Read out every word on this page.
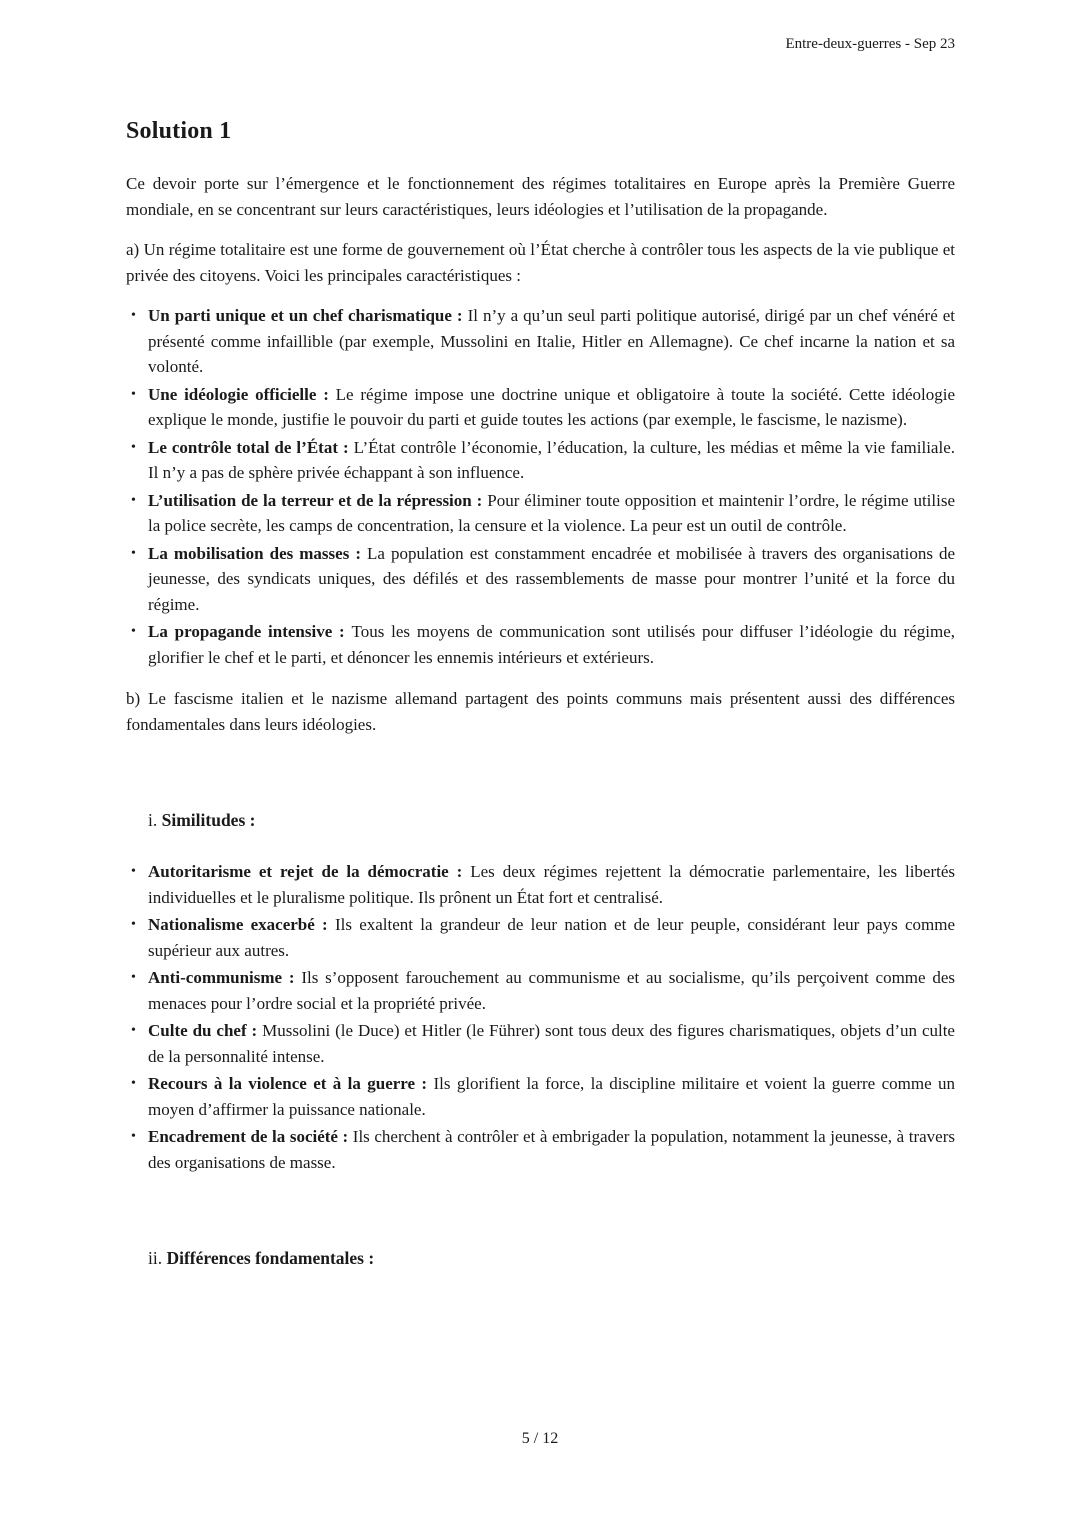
Entre-deux-guerres - Sep 23
Solution 1

Ce devoir porte sur l’émergence et le fonctionnement des régimes totalitaires en Europe après la Première Guerre mondiale, en se concentrant sur leurs caractéristiques, leurs idéologies et l’utilisation de la propagande.

a) Un régime totalitaire est une forme de gouvernement où l’État cherche à contrôler tous les aspects de la vie publique et privée des citoyens. Voici les principales caractéristiques :

• Un parti unique et un chef charismatique : Il n’y a qu’un seul parti politique autorisé, dirigé par un chef vénéré et présenté comme infaillible (par exemple, Mussolini en Italie, Hitler en Allemagne). Ce chef incarne la nation et sa volonté.
• Une idéologie officielle : Le régime impose une doctrine unique et obligatoire à toute la société. Cette idéologie explique le monde, justifie le pouvoir du parti et guide toutes les actions (par exemple, le fascisme, le nazisme).
• Le contrôle total de l’État : L’État contrôle l’économie, l’éducation, la culture, les médias et même la vie familiale. Il n’y a pas de sphère privée échappant à son influence.
• L’utilisation de la terreur et de la répression : Pour éliminer toute opposition et maintenir l’ordre, le régime utilise la police secrète, les camps de concentration, la censure et la violence. La peur est un outil de contrôle.
• La mobilisation des masses : La population est constamment encadrée et mobilisée à travers des organisations de jeunesse, des syndicats uniques, des défilés et des rassemblements de masse pour montrer l’unité et la force du régime.
• La propagande intensive : Tous les moyens de communication sont utilisés pour diffuser l’idéologie du régime, glorifier le chef et le parti, et dénoncer les ennemis intérieurs et extérieurs.

b) Le fascisme italien et le nazisme allemand partagent des points communs mais présentent aussi des différences fondamentales dans leurs idéologies.

i. Similitudes :
• Autoritarisme et rejet de la démocratie : Les deux régimes rejettent la démocratie parlementaire, les libertés individuelles et le pluralisme politique. Ils prônent un État fort et centralisé.
• Nationalisme exacerbé : Ils exaltent la grandeur de leur nation et de leur peuple, considérant leur pays comme supérieur aux autres.
• Anti-communisme : Ils s’opposent farouchement au communisme et au socialisme, qu’ils perçoivent comme des menaces pour l’ordre social et la propriété privée.
• Culte du chef : Mussolini (le Duce) et Hitler (le Führer) sont tous deux des figures charismatiques, objets d’un culte de la personnalité intense.
• Recours à la violence et à la guerre : Ils glorifient la force, la discipline militaire et voient la guerre comme un moyen d’affirmer la puissance nationale.
• Encadrement de la société : Ils cherchent à contrôler et à embrigader la population, notamment la jeunesse, à travers des organisations de masse.
ii. Différences fondamentales :
5 / 12
